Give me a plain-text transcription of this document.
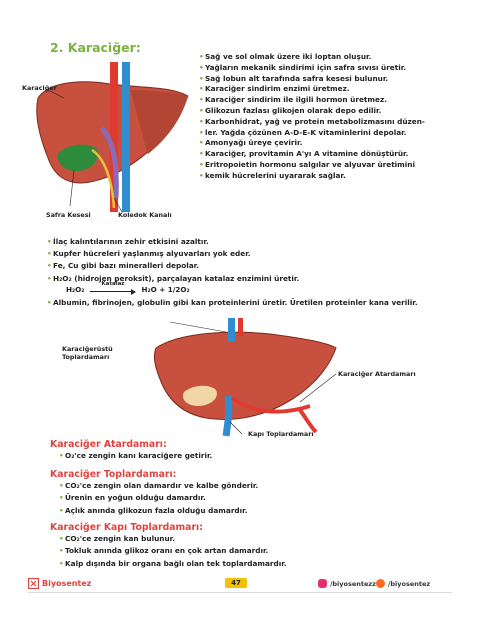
2. Karaciğer:
Karaciğer
Safra Kesesi	Koledok Kanalı
• Sağ ve sol olmak üzere iki loptan oluşur.
• Yağların mekanik sindirimi için safra sıvısı üretir.
• Sağ lobun alt tarafında safra kesesi bulunur.
• Karaciğer sindirim enzimi üretmez.
• Karaciğer sindirim ile ilgili hormon üretmez.
• Glikozun fazlası glikojen olarak depo edilir.
• Karbonhidrat, yağ ve protein metabolizmasını düzen-
• ler. Yağda çözünen A-D-E-K vitaminlerini depolar.
• Amonyağı üreye çevirir.
• Karaciğer, provitamin A'yı A vitamine dönüştürür.
• Eritropoietin hormonu salgılar ve alyuvar üretimini
• kemik hücrelerini uyararak sağlar.
• İlaç kalıntılarının zehir etkisini azaltır.
• Kupfer hücreleri yaşlanmış alyuvarları yok eder.
• Fe, Cu gibi bazı mineralleri depolar.
• H₂O₂ (hidrojen peroksit), parçalayan katalaz enzimini üretir.
• Albumin, fibrinojen, globulin gibi kan proteinlerini üretir. Üretilen proteinler kana verilir.
H₂O₂
Katalaz
H₂O + 1/2O₂
Karaciğerüstü Toplardamarı
Karaciğer Atardamarı
Kapı Toplardamarı
Karaciğer Atardamarı:
• O₂'ce zengin kanı karaciğere getirir.
Karaciğer Toplardamarı:
• CO₂'ce zengin olan damardır ve kalbe gönderir.
• Ürenin en yoğun olduğu damardır.
• Açlık anında glikozun fazla olduğu damardır.
Karaciğer Kapı Toplardamarı:
• CO₂'ce zengin kan bulunur.
• Tokluk anında glikoz oranı en çok artan damardır.
• Kalp dışında bir organa bağlı olan tek toplardamardır.
Biyosentez	47	/biyosentezz /biyosentez
